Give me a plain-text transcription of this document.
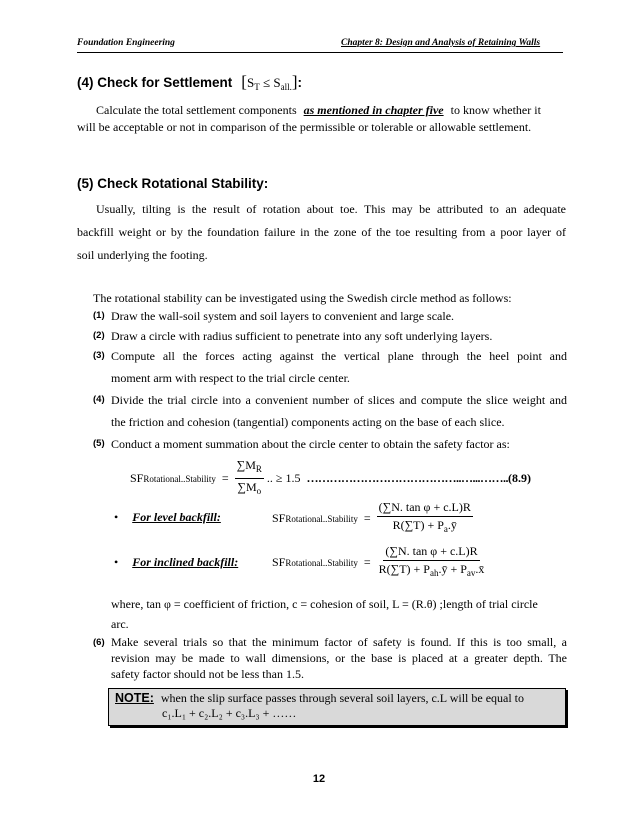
Foundation Engineering	Chapter 8: Design and Analysis of Retaining Walls
(4) Check for Settlement $[S_T \le S_{all.}]$:
Calculate the total settlement components as mentioned in chapter five to know whether it
will be acceptable or not in comparison of the permissible or tolerable or allowable settlement.
(5) Check Rotational Stability:
Usually, tilting is the result of rotation about toe. This may be attributed to an adequate
backfill weight or by the foundation failure in the zone of the toe resulting from a poor layer of
soil underlying the footing.
The rotational stability can be investigated using the Swedish circle method as follows:
(1) Draw the wall-soil system and soil layers to convenient and large scale.
(2) Draw a circle with radius sufficient to penetrate into any soft underlying layers.
(3) Compute all the forces acting against the vertical plane through the heel point and
moment arm with respect to the trial circle center.
(4) Divide the trial circle into a convenient number of slices and compute the slice weight and
the friction and cohesion (tangential) components acting on the base of each slice.
(5) Conduct a moment summation about the circle center to obtain the safety factor as:
SF Rotational..Stability = $\frac{\sum M_R}{\sum M_o}$ .. ≥ 1.5 …………………………………..…...…….. (8.9)
• For level backfill:	SF Rotational..Stability = $\frac{\text{(∑N. tan φ + c.L)R}}{R(\sum T) + P_a.ȳ}$
• For inclined backfill:	SF Rotational..Stability = $\frac{\text{(∑N. tan φ + c.L)R}}{R(\sum T) + P_{ah}.ȳ + P_{av}.x̄}$
where, tan φ = coefficient of friction, c = cohesion of soil, L = (R.θ) ;length of trial circle
arc.
(6) Make several trials so that the minimum factor of safety is found. If this is too small, a
revision may be made to wall dimensions, or the base is placed at a greater depth. The
safety factor should not be less than 1.5.
NOTE: when the slip surface passes through several soil layers, c.L will be equal to
c₁.L₁ + c₂.L₂ + c₃.L₃ + ……
12
